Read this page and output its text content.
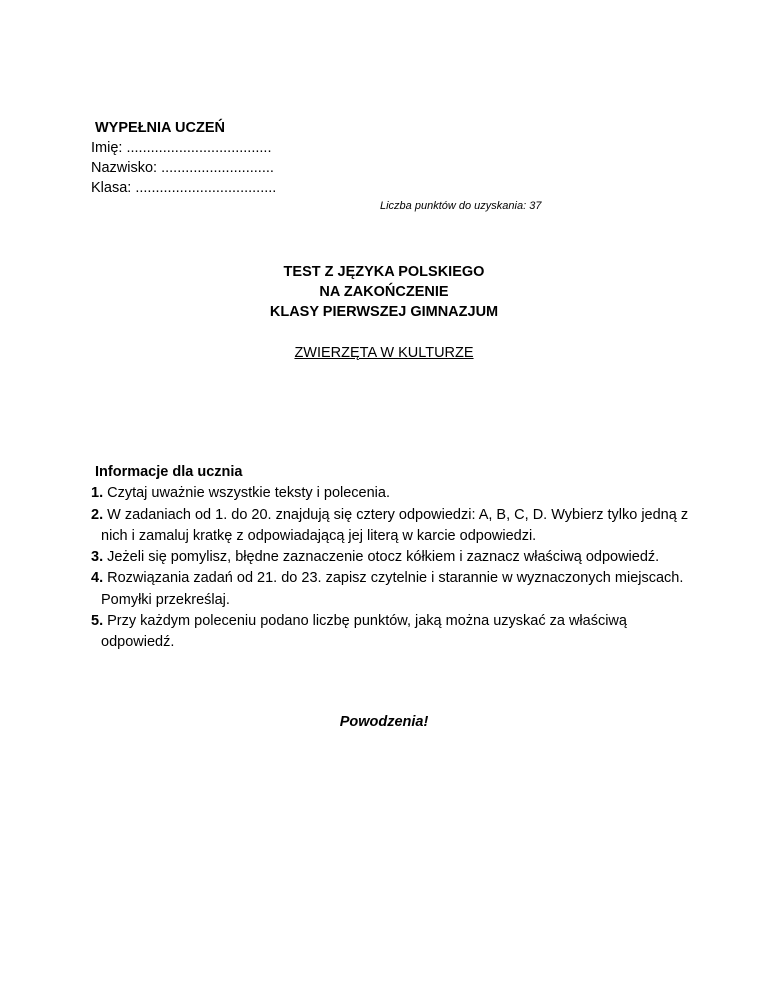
WYPEŁNIA UCZEŃ
Imię: ....................................
Nazwisko: ............................
Klasa: ...................................
Liczba punktów do uzyskania: 37
TEST Z JĘZYKA POLSKIEGO
NA ZAKOŃCZENIE
KLASY PIERWSZEJ GIMNAZJUM
ZWIERZĘTA W KULTURZE
Informacje dla ucznia
1. Czytaj uważnie wszystkie teksty i polecenia.
2. W zadaniach od 1. do 20. znajdują się cztery odpowiedzi: A, B, C, D. Wybierz tylko jedną z nich i zamaluj kratkę z odpowiadającą jej literą w karcie odpowiedzi.
3. Jeżeli się pomylisz, błędne zaznaczenie otocz kółkiem i zaznacz właściwą odpowiedź.
4. Rozwiązania zadań od 21. do 23. zapisz czytelnie i starannie w wyznaczonych miejscach. Pomyłki przekreślaj.
5. Przy każdym poleceniu podano liczbę punktów, jaką można uzyskać za właściwą odpowiedź.
Powodzenia!
